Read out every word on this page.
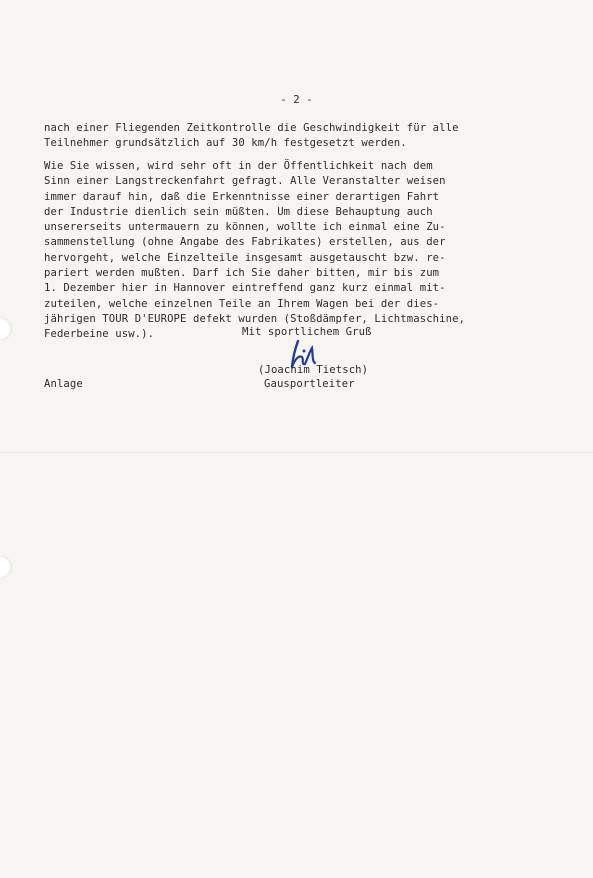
- 2 -
nach einer Fliegenden Zeitkontrolle die Geschwindigkeit für alle
Teilnehmer grundsätzlich auf 30 km/h festgesetzt werden.
Wie Sie wissen, wird sehr oft in der Öffentlichkeit nach dem
Sinn einer Langstreckenfahrt gefragt. Alle Veranstalter weisen
immer darauf hin, daß die Erkenntnisse einer derartigen Fahrt
der Industrie dienlich sein müßten. Um diese Behauptung auch
unsererseits untermauern zu können, wollte ich einmal eine Zu-
sammenstellung (ohne Angabe des Fabrikates) erstellen, aus der
hervorgeht, welche Einzelteile insgesamt ausgetauscht bzw. re-
pariert werden mußten. Darf ich Sie daher bitten, mir bis zum
1. Dezember hier in Hannover eintreffend ganz kurz einmal mit-
zuteilen, welche einzelnen Teile an Ihrem Wagen bei der dies-
jährigen TOUR D'EUROPE defekt wurden (Stoßdämpfer, Lichtmaschine,
Federbeine usw.).	Mit sportlichem Gruß
(Joachim Tietsch)
Anlage	Gausportleiter
